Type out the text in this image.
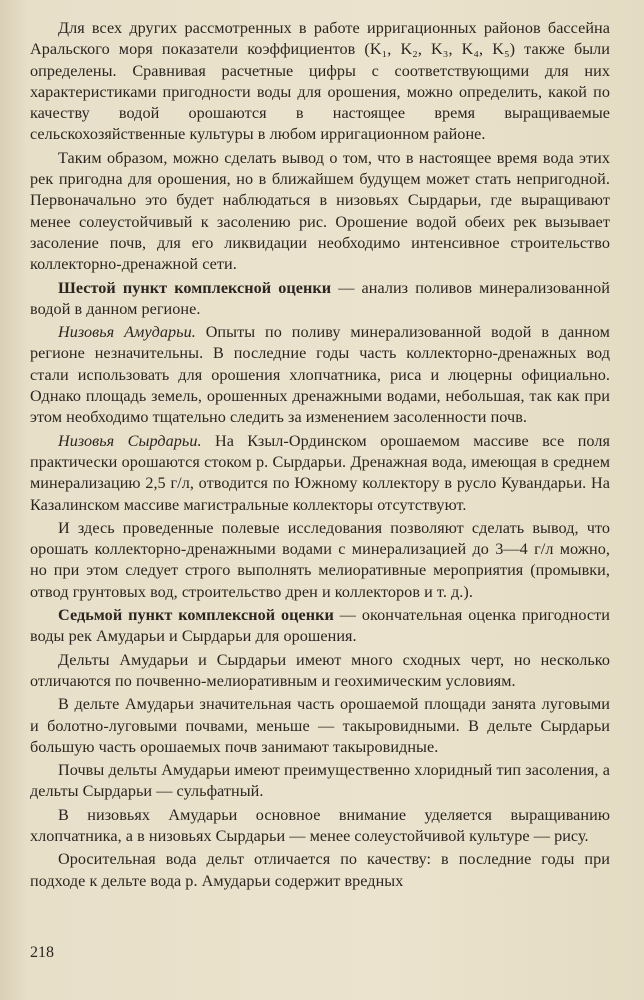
Для всех других рассмотренных в работе ирригационных районов бассейна Аральского моря показатели коэффициентов (K₁, K₂, K₃, K₄, K₅) также были определены. Сравнивая расчетные цифры с соответствующими для них характеристиками пригодности воды для орошения, можно определить, какой по качеству водой орошаются в настоящее время выращиваемые сельскохозяйственные культуры в любом ирригационном районе.

Таким образом, можно сделать вывод о том, что в настоящее время вода этих рек пригодна для орошения, но в ближайшем будущем может стать непригодной. Первоначально это будет наблюдаться в низовьях Сырдарьи, где выращивают менее солеустойчивый к засолению рис. Орошение водой обеих рек вызывает засоление почв, для его ликвидации необходимо интенсивное строительство коллекторно-дренажной сети.

Шестой пункт комплексной оценки — анализ поливов минерализованной водой в данном регионе.

Низовья Амударьи. Опыты по поливу минерализованной водой в данном регионе незначительны. В последние годы часть коллекторно-дренажных вод стали использовать для орошения хлопчатника, риса и люцерны официально. Однако площадь земель, орошенных дренажными водами, небольшая, так как при этом необходимо тщательно следить за изменением засоленности почв.

Низовья Сырдарьи. На Кзыл-Ординском орошаемом массиве все поля практически орошаются стоком р. Сырдарьи. Дренажная вода, имеющая в среднем минерализацию 2,5 г/л, отводится по Южному коллектору в русло Кувандарьи. На Казалинском массиве магистральные коллекторы отсутствуют.

И здесь проведенные полевые исследования позволяют сделать вывод, что орошать коллекторно-дренажными водами с минерализацией до 3—4 г/л можно, но при этом следует строго выполнять мелиоративные мероприятия (промывки, отвод грунтовых вод, строительство дрен и коллекторов и т. д.).

Седьмой пункт комплексной оценки — окончательная оценка пригодности воды рек Амударьи и Сырдарьи для орошения.

Дельты Амударьи и Сырдарьи имеют много сходных черт, но несколько отличаются по почвенно-мелиоративным и геохимическим условиям.

В дельте Амударьи значительная часть орошаемой площади занята луговыми и болотно-луговыми почвами, меньше — такыровидными. В дельте Сырдарьи большую часть орошаемых почв занимают такыровидные.

Почвы дельты Амударьи имеют преимущественно хлоридный тип засоления, а дельты Сырдарьи — сульфатный.

В низовьях Амударьи основное внимание уделяется выращиванию хлопчатника, а в низовьях Сырдарьи — менее солеустойчивой культуре — рису.

Оросительная вода дельт отличается по качеству: в последние годы при подходе к дельте вода р. Амударьи содержит вредных

218
